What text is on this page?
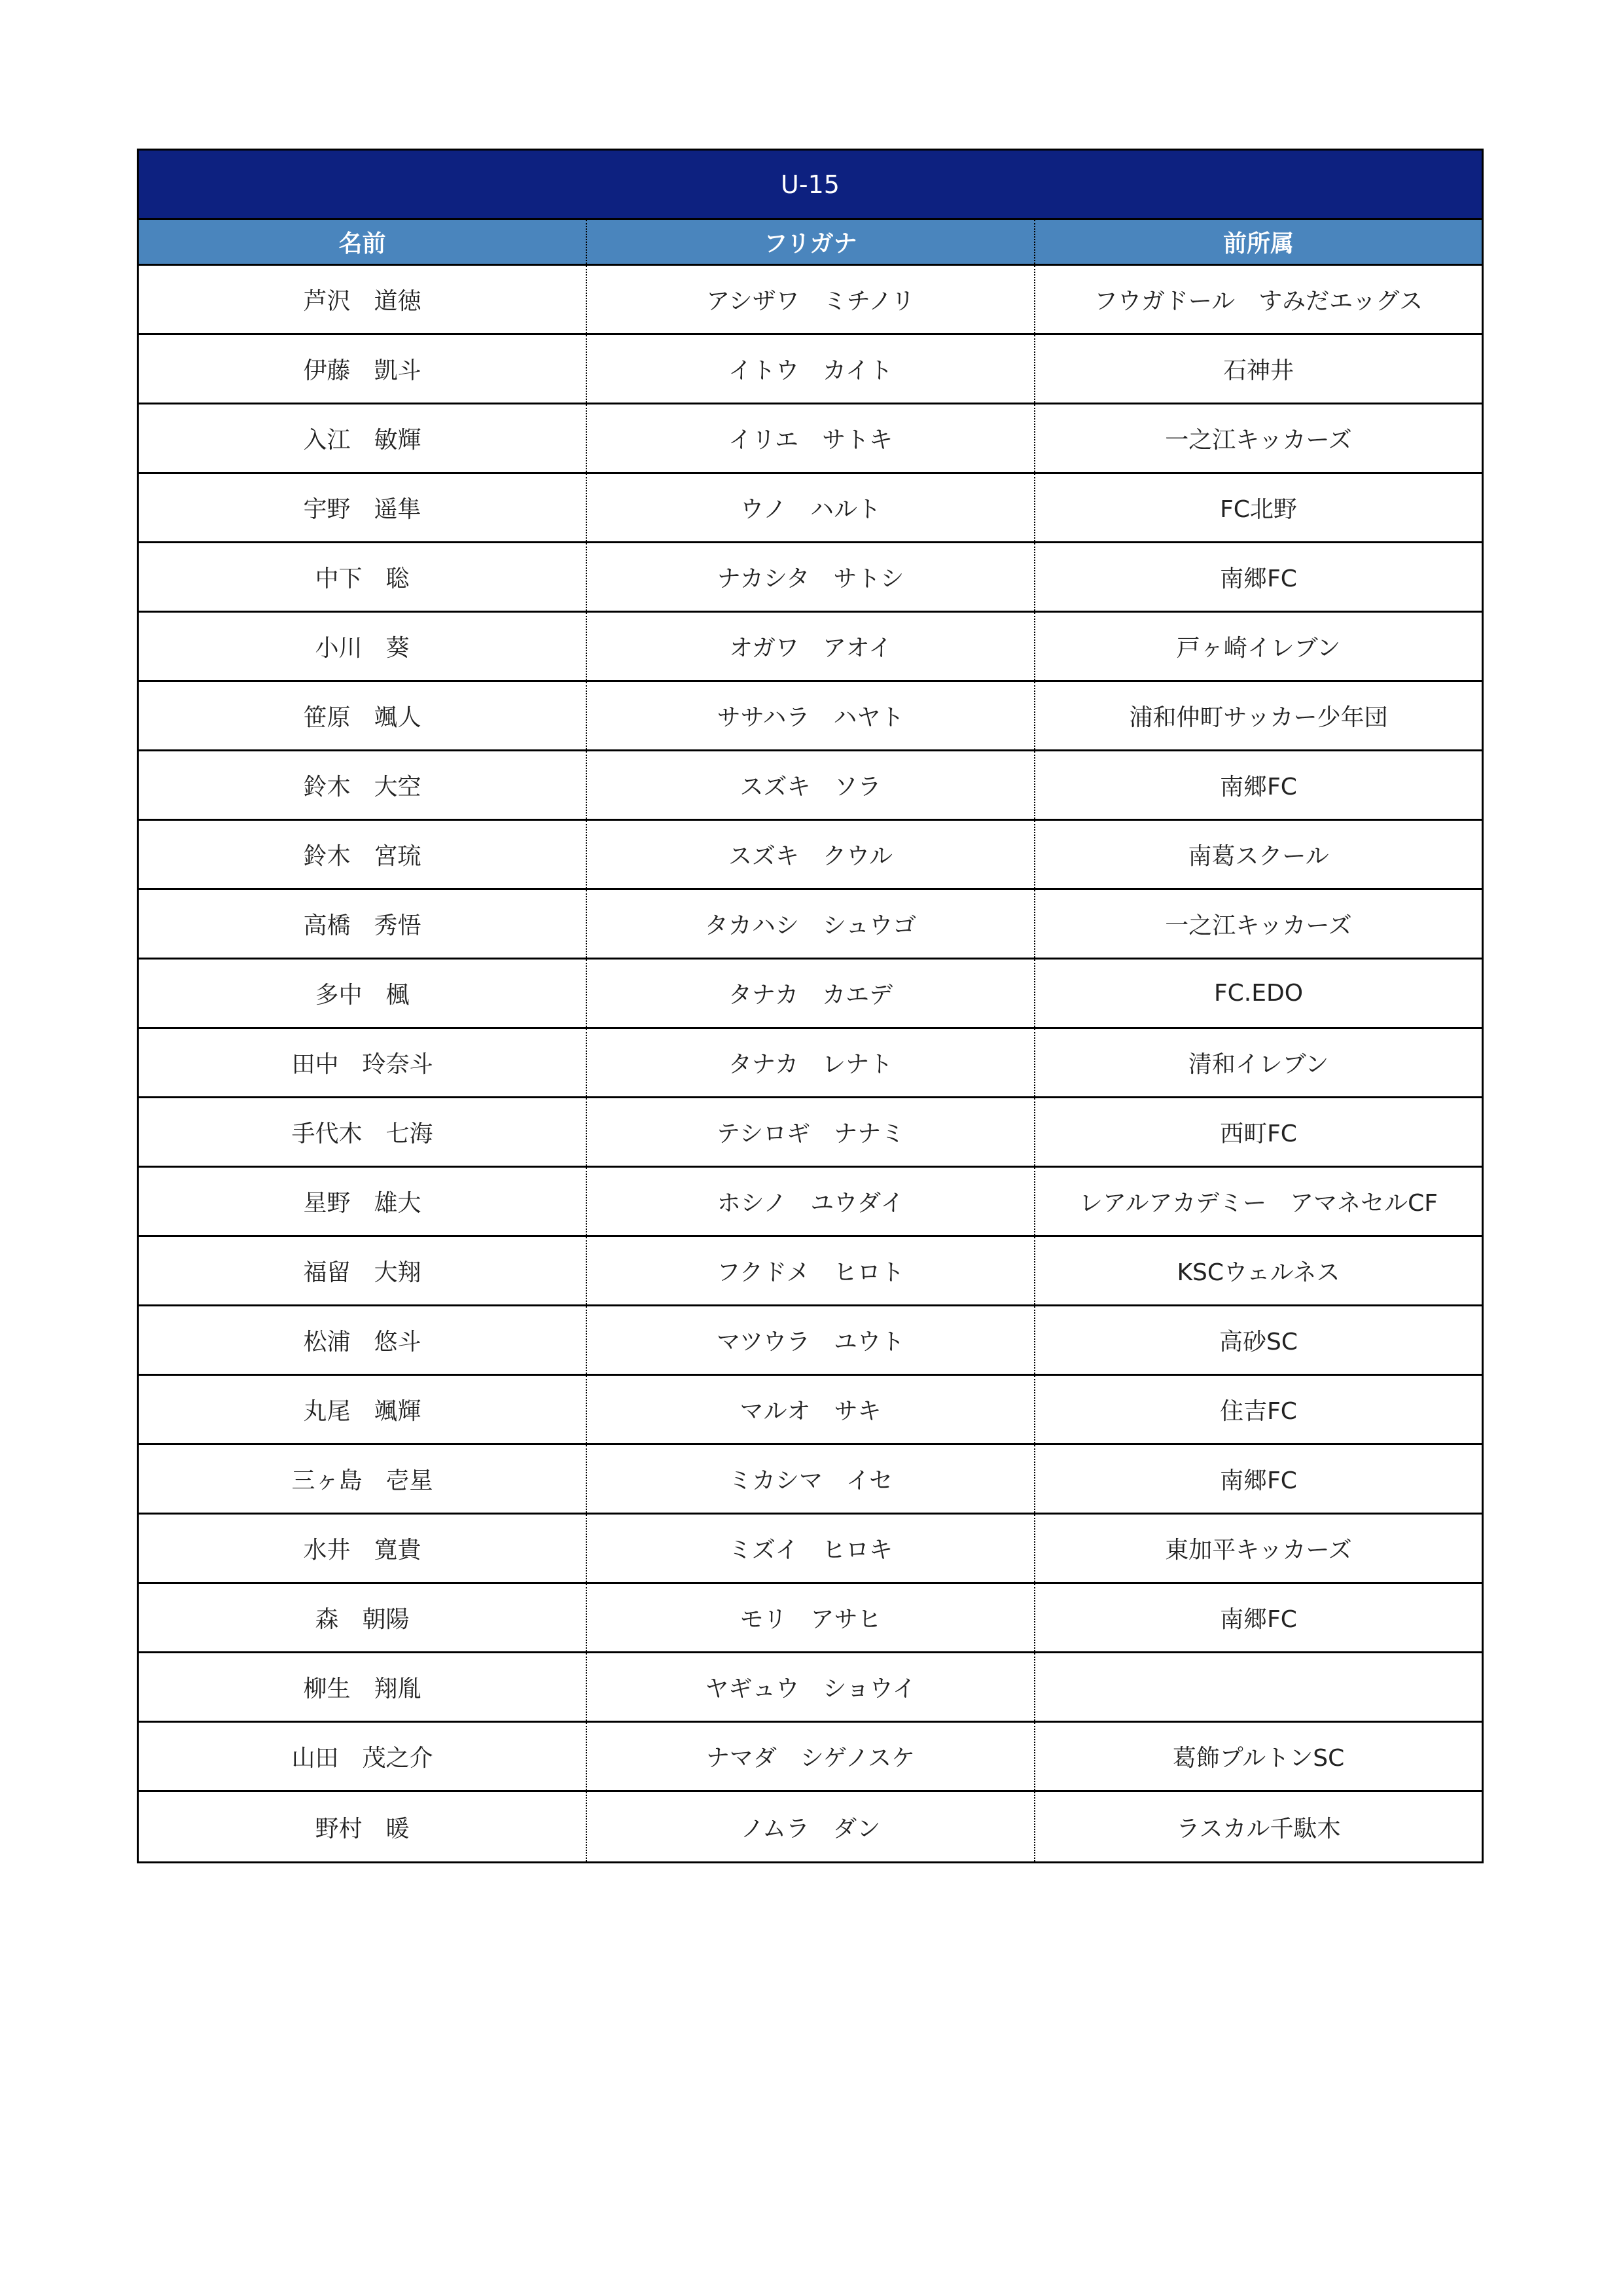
U-15
名前	フリガナ	前所属
芦沢　道徳	アシザワ　ミチノリ	フウガドール　すみだエッグス
伊藤　凱斗	イトウ　カイト	石神井
入江　敏輝	イリエ　サトキ	一之江キッカーズ
宇野　遥隼	ウノ　ハルト	FC北野
中下　聡	ナカシタ　サトシ	南郷FC
小川　葵	オガワ　アオイ	戸ヶ崎イレブン
笹原　颯人	ササハラ　ハヤト	浦和仲町サッカー少年団
鈴木　大空	スズキ　ソラ	南郷FC
鈴木　宮琉	スズキ　クウル	南葛スクール
高橋　秀悟	タカハシ　シュウゴ	一之江キッカーズ
多中　楓	タナカ　カエデ	FC.EDO
田中　玲奈斗	タナカ　レナト	清和イレブン
手代木　七海	テシロギ　ナナミ	西町FC
星野　雄大	ホシノ　ユウダイ	レアルアカデミー　アマネセルCF
福留　大翔	フクドメ　ヒロト	KSCウェルネス
松浦　悠斗	マツウラ　ユウト	高砂SC
丸尾　颯輝	マルオ　サキ	住吉FC
三ヶ島　壱星	ミカシマ　イセ	南郷FC
水井　寛貴	ミズイ　ヒロキ	東加平キッカーズ
森　朝陽	モリ　アサヒ	南郷FC
柳生　翔胤	ヤギュウ　ショウイ
山田　茂之介	ナマダ　シゲノスケ	葛飾プルトンSC
野村　暖	ノムラ　ダン	ラスカル千駄木
